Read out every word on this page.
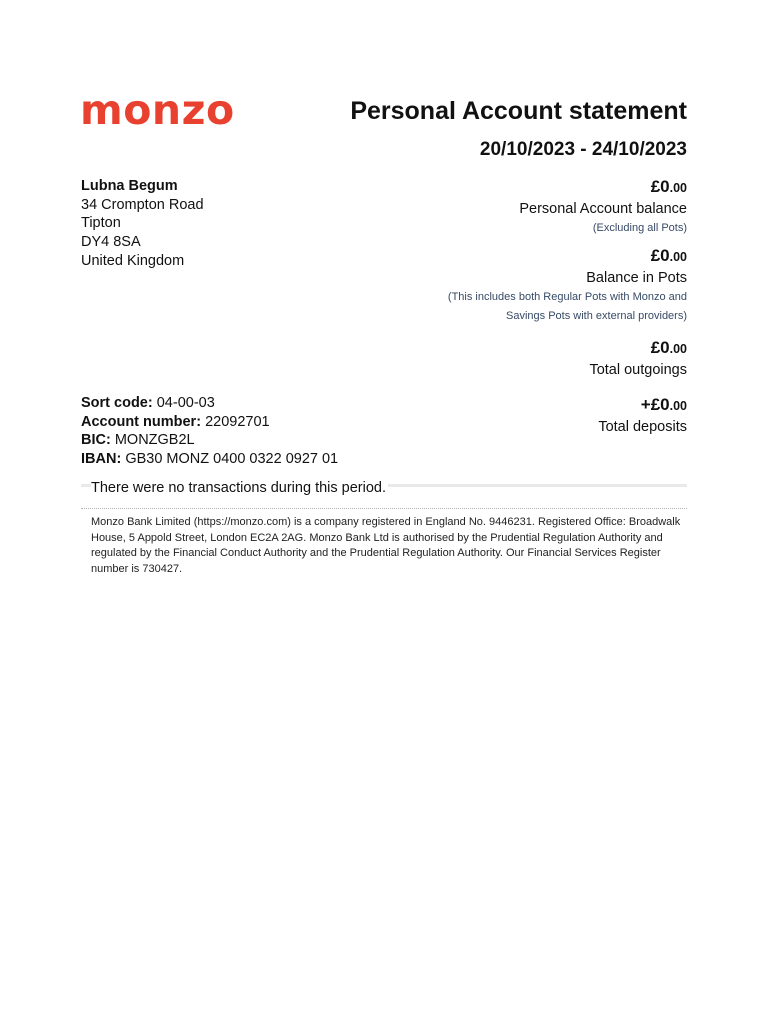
monzo	Personal Account statement
20/10/2023 - 24/10/2023
Lubna Begum
34 Crompton Road
Tipton
DY4 8SA
United Kingdom
£0.00
Personal Account balance
(Excluding all Pots)
£0.00
Balance in Pots
(This includes both Regular Pots with Monzo and
Savings Pots with external providers)
£0.00
Total outgoings
+£0.00
Total deposits
Sort code: 04-00-03
Account number: 22092701
BIC: MONZGB2L
IBAN: GB30 MONZ 0400 0322 0927 01
There were no transactions during this period.
Monzo Bank Limited (https://monzo.com) is a company registered in England No. 9446231. Registered Office: Broadwalk House, 5 Appold Street, London EC2A 2AG. Monzo Bank Ltd is authorised by the Prudential Regulation Authority and regulated by the Financial Conduct Authority and the Prudential Regulation Authority. Our Financial Services Register number is 730427.
